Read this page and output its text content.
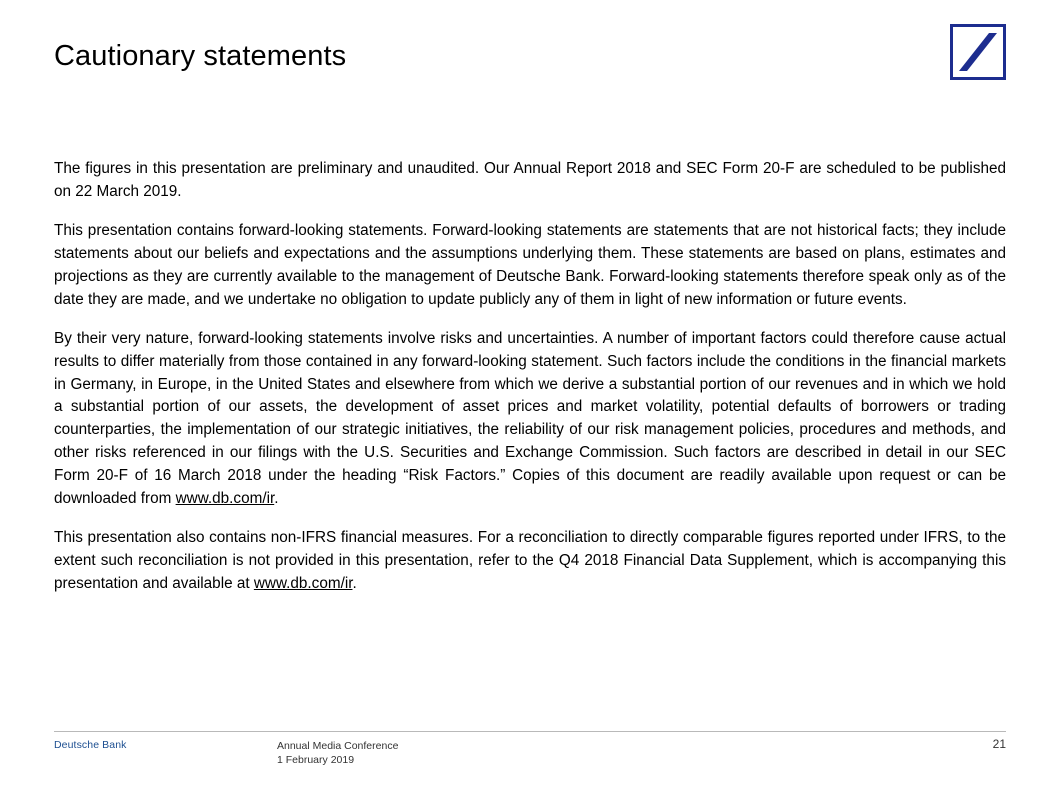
Cautionary statements

The figures in this presentation are preliminary and unaudited. Our Annual Report 2018 and SEC Form 20-F are scheduled to be published on 22 March 2019.

This presentation contains forward-looking statements. Forward-looking statements are statements that are not historical facts; they include statements about our beliefs and expectations and the assumptions underlying them. These statements are based on plans, estimates and projections as they are currently available to the management of Deutsche Bank. Forward-looking statements therefore speak only as of the date they are made, and we undertake no obligation to update publicly any of them in light of new information or future events.

By their very nature, forward-looking statements involve risks and uncertainties. A number of important factors could therefore cause actual results to differ materially from those contained in any forward-looking statement. Such factors include the conditions in the financial markets in Germany, in Europe, in the United States and elsewhere from which we derive a substantial portion of our revenues and in which we hold a substantial portion of our assets, the development of asset prices and market volatility, potential defaults of borrowers or trading counterparties, the implementation of our strategic initiatives, the reliability of our risk management policies, procedures and methods, and other risks referenced in our filings with the U.S. Securities and Exchange Commission. Such factors are described in detail in our SEC Form 20-F of 16 March 2018 under the heading “Risk Factors.” Copies of this document are readily available upon request or can be downloaded from www.db.com/ir.

This presentation also contains non-IFRS financial measures. For a reconciliation to directly comparable figures reported under IFRS, to the extent such reconciliation is not provided in this presentation, refer to the Q4 2018 Financial Data Supplement, which is accompanying this presentation and available at www.db.com/ir.

Deutsche Bank	Annual Media Conference
1 February 2019
21
